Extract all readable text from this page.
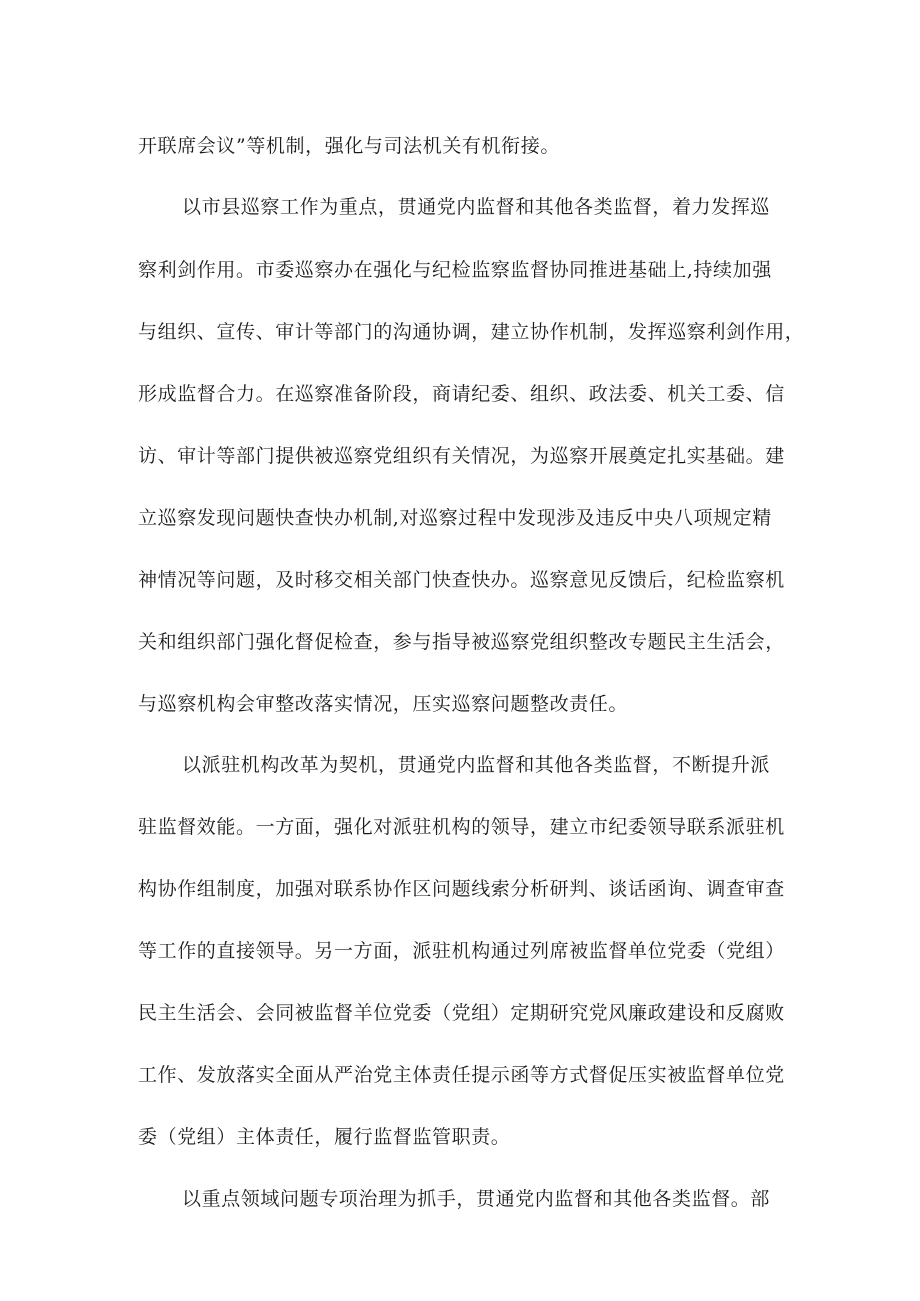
开联席会议”等机制，强化与司法机关有机衔接。
以市县巡察工作为重点，贯通党内监督和其他各类监督，着力发挥巡
察利剑作用。市委巡察办在强化与纪检监察监督协同推进基础上,持续加强
与组织、宣传、审计等部门的沟通协调，建立协作机制，发挥巡察利剑作用，
形成监督合力。在巡察准备阶段，商请纪委、组织、政法委、机关工委、信
访、审计等部门提供被巡察党组织有关情况，为巡察开展奠定扎实基础。建
立巡察发现问题快查快办机制,对巡察过程中发现涉及违反中央八项规定精
神情况等问题，及时移交相关部门快查快办。巡察意见反馈后，纪检监察机
关和组织部门强化督促检查，参与指导被巡察党组织整改专题民主生活会，
与巡察机构会审整改落实情况，压实巡察问题整改责任。
以派驻机构改革为契机，贯通党内监督和其他各类监督，不断提升派
驻监督效能。一方面，强化对派驻机构的领导，建立市纪委领导联系派驻机
构协作组制度，加强对联系协作区问题线索分析研判、谈话函询、调查审查
等工作的直接领导。另一方面，派驻机构通过列席被监督单位党委（党组）
民主生活会、会同被监督羊位党委（党组）定期研究党风廉政建设和反腐败
工作、发放落实全面从严治党主体责任提示函等方式督促压实被监督单位党
委（党组）主体责任，履行监督监管职责。
以重点领域问题专项治理为抓手，贯通党内监督和其他各类监督。部
